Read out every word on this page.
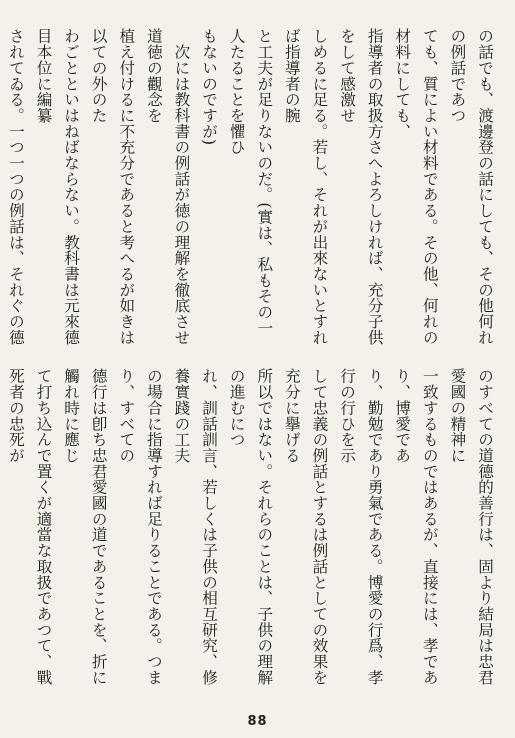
の話でも、渡邊登の話にしても、その他何れの例話であつ
ても、質によい材料である。その他、何れの材料にしても、
指導者の取扱方さへよろしければ、充分子供をして感激せ
しめるに足る。若し、それが出來ないとすれば指導者の腕
と工夫が足りないのだ。(實は、私もその一人たることを懼ひ
もないのですが)
　次には教科書の例話が徳の理解を徹底させ道徳の觀念を
植え付けるに不充分であると考へるが如きは以ての外のた
わごとといはねばならない。教科書は元來德目本位に編纂
されてゐる。一つ一つの例話は、それぐの德
のすべての道德的善行は、固より結局は忠君愛國の精神に
一致するものではあるが、直接には、孝であり、博愛であ
り、勤勉であり勇氣である。博愛の行爲、孝行の行ひを示
して忠義の例話とするは例話としての效果を充分に擧げる
所以ではない。それらのことは、子供の理解の進むにつ
れ、訓話訓言、若しくは子供の相互研究、修養實踐の工夫
の場合に指導すれば足りることである。つまり、すべての
德行は卽ち忠君愛國の道であることを、折に觸れ時に應じ
て打ち込んで置くが適當な取扱であつて、戰死者の忠死が
88
